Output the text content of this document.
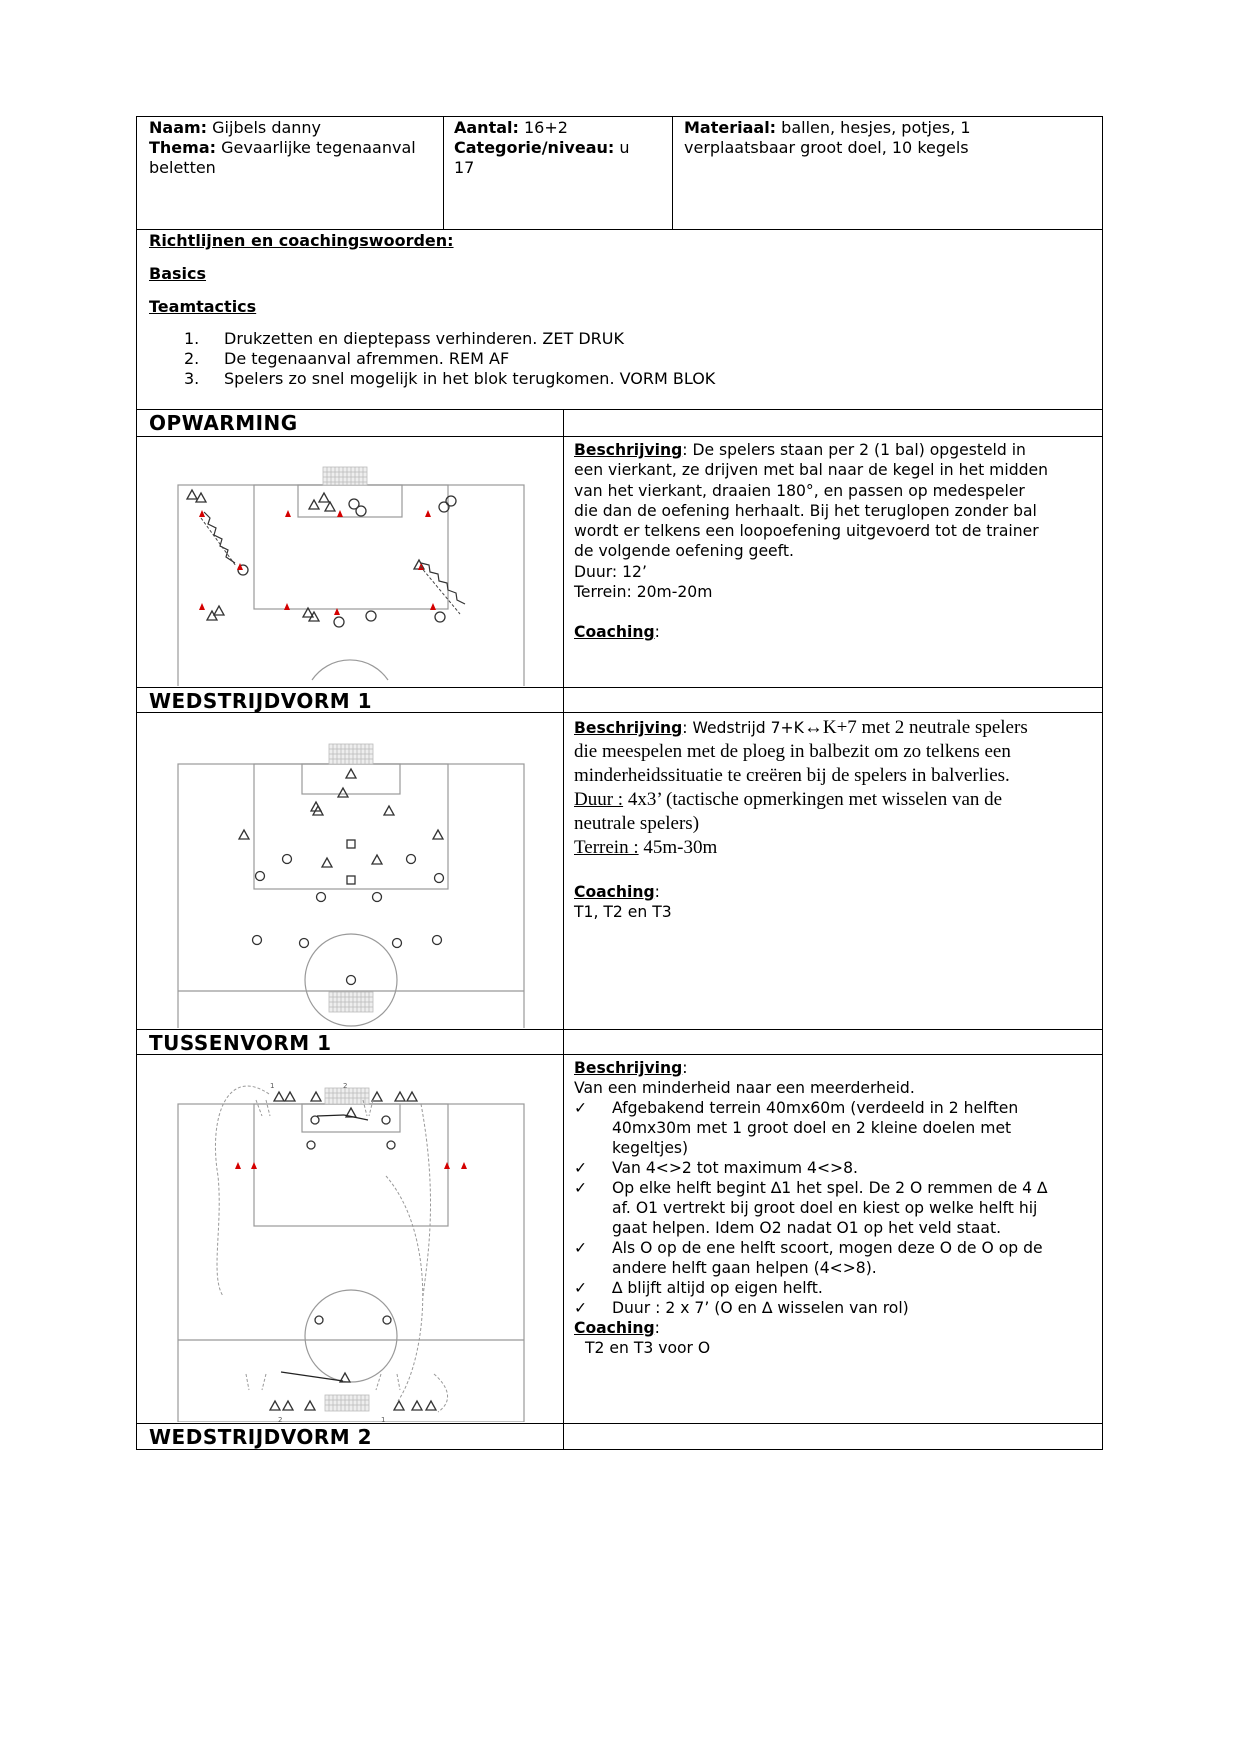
Naam: Gijbels danny
Thema: Gevaarlijke tegenaanval
beletten
Aantal: 16+2
Categorie/niveau: u
17
Materiaal: ballen, hesjes, potjes, 1
verplaatsbaar groot doel, 10 kegels
Richtlijnen en coachingswoorden:
Basics
Teamtactics
1. Drukzetten en dieptepass verhinderen. ZET DRUK
2. De tegenaanval afremmen. REM AF
3. Spelers zo snel mogelijk in het blok terugkomen. VORM BLOK
OPWARMING
WEDSTRIJDVORM 1
TUSSENVORM 1
WEDSTRIJDVORM 2
Beschrijving: De spelers staan per 2 (1 bal) opgesteld in
een vierkant, ze drijven met bal naar de kegel in het midden
van het vierkant, draaien 180°, en passen op medespeler
die dan de oefening herhaalt. Bij het teruglopen zonder bal
wordt er telkens een loopoefening uitgevoerd tot de trainer
de volgende oefening geeft.
Duur: 12’
Terrein: 20m-20m
Coaching:
Beschrijving: Wedstrijd 7+K↔K+7 met 2 neutrale spelers
die meespelen met de ploeg in balbezit om zo telkens een
minderheidssituatie te creëren bij de spelers in balverlies.
Duur : 4x3’ (tactische opmerkingen met wisselen van de
neutrale spelers)
Terrein : 45m-30m
Coaching:
T1, T2 en T3
1	2
2	1
Beschrijving:
Van een minderheid naar een meerderheid.
✓ Afgebakend terrein 40mx60m (verdeeld in 2 helften
40mx30m met 1 groot doel en 2 kleine doelen met
kegeltjes)
✓ Van 4<>2 tot maximum 4<>8.
✓ Op elke helft begint ∆1 het spel. De 2 O remmen de 4 ∆
af. O1 vertrekt bij groot doel en kiest op welke helft hij
gaat helpen. Idem O2 nadat O1 op het veld staat.
✓ Als O op de ene helft scoort, mogen deze O de O op de
andere helft gaan helpen (4<>8).
✓ ∆ blijft altijd op eigen helft.
✓ Duur : 2 x 7’ (O en ∆ wisselen van rol)
Coaching:
T2 en T3 voor O
